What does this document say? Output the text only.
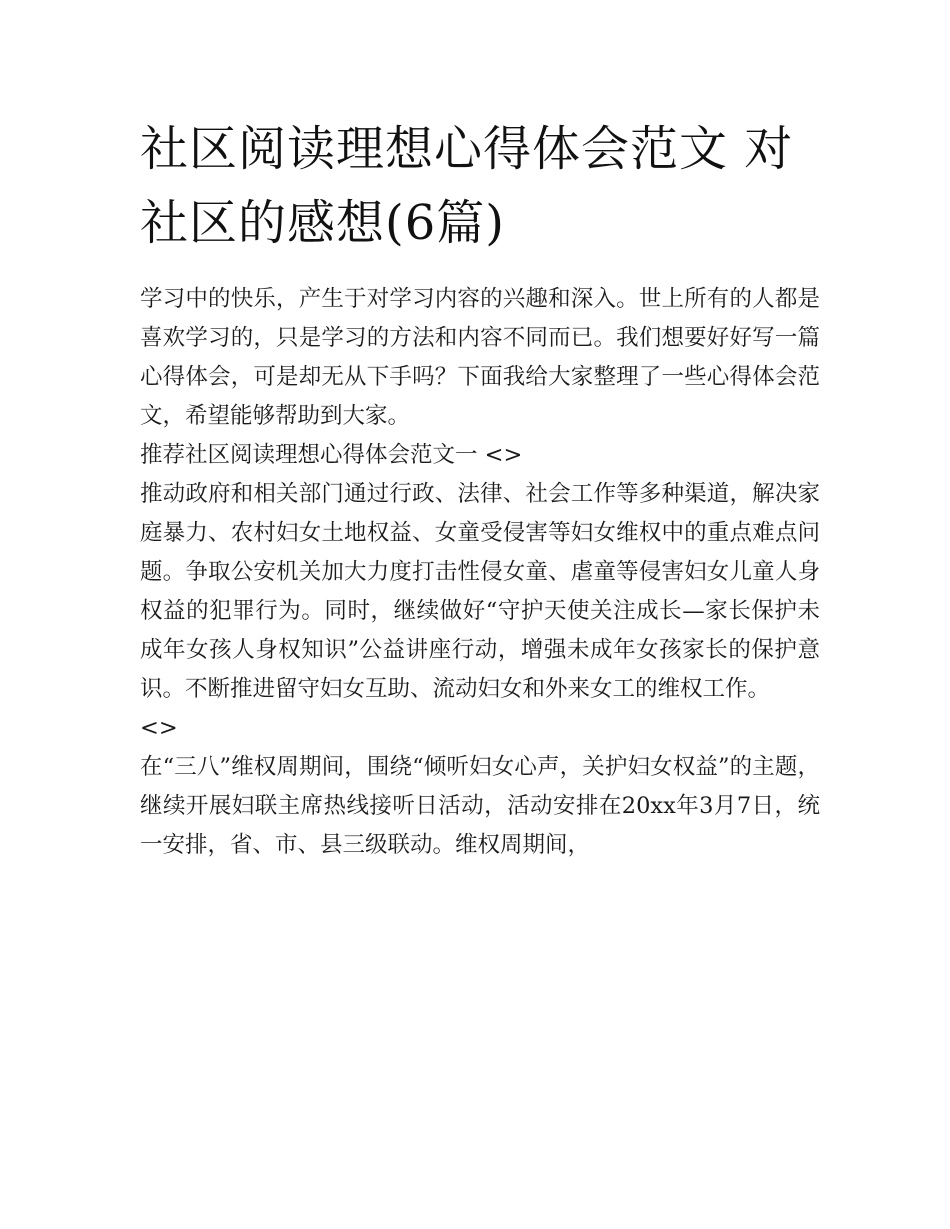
社区阅读理想心得体会范文 对社区的感想(6篇)

学习中的快乐，产生于对学习内容的兴趣和深入。世上所有的人都是喜欢学习的，只是学习的方法和内容不同而已。我们想要好好写一篇心得体会，可是却无从下手吗？下面我给大家整理了一些心得体会范文，希望能够帮助到大家。

推荐社区阅读理想心得体会范文一 <>

推动政府和相关部门通过行政、法律、社会工作等多种渠道，解决家庭暴力、农村妇女土地权益、女童受侵害等妇女维权中的重点难点问题。争取公安机关加大力度打击性侵女童、虐童等侵害妇女儿童人身权益的犯罪行为。同时，继续做好“守护天使关注成长—家长保护未成年女孩人身权知识”公益讲座行动，增强未成年女孩家长的保护意识。不断推进留守妇女互助、流动妇女和外来女工的维权工作。

<>

在“三八”维权周期间，围绕“倾听妇女心声，关护妇女权益”的主题，继续开展妇联主席热线接听日活动，活动安排在20xx年3月7日，统一安排，省、市、县三级联动。维权周期间，
